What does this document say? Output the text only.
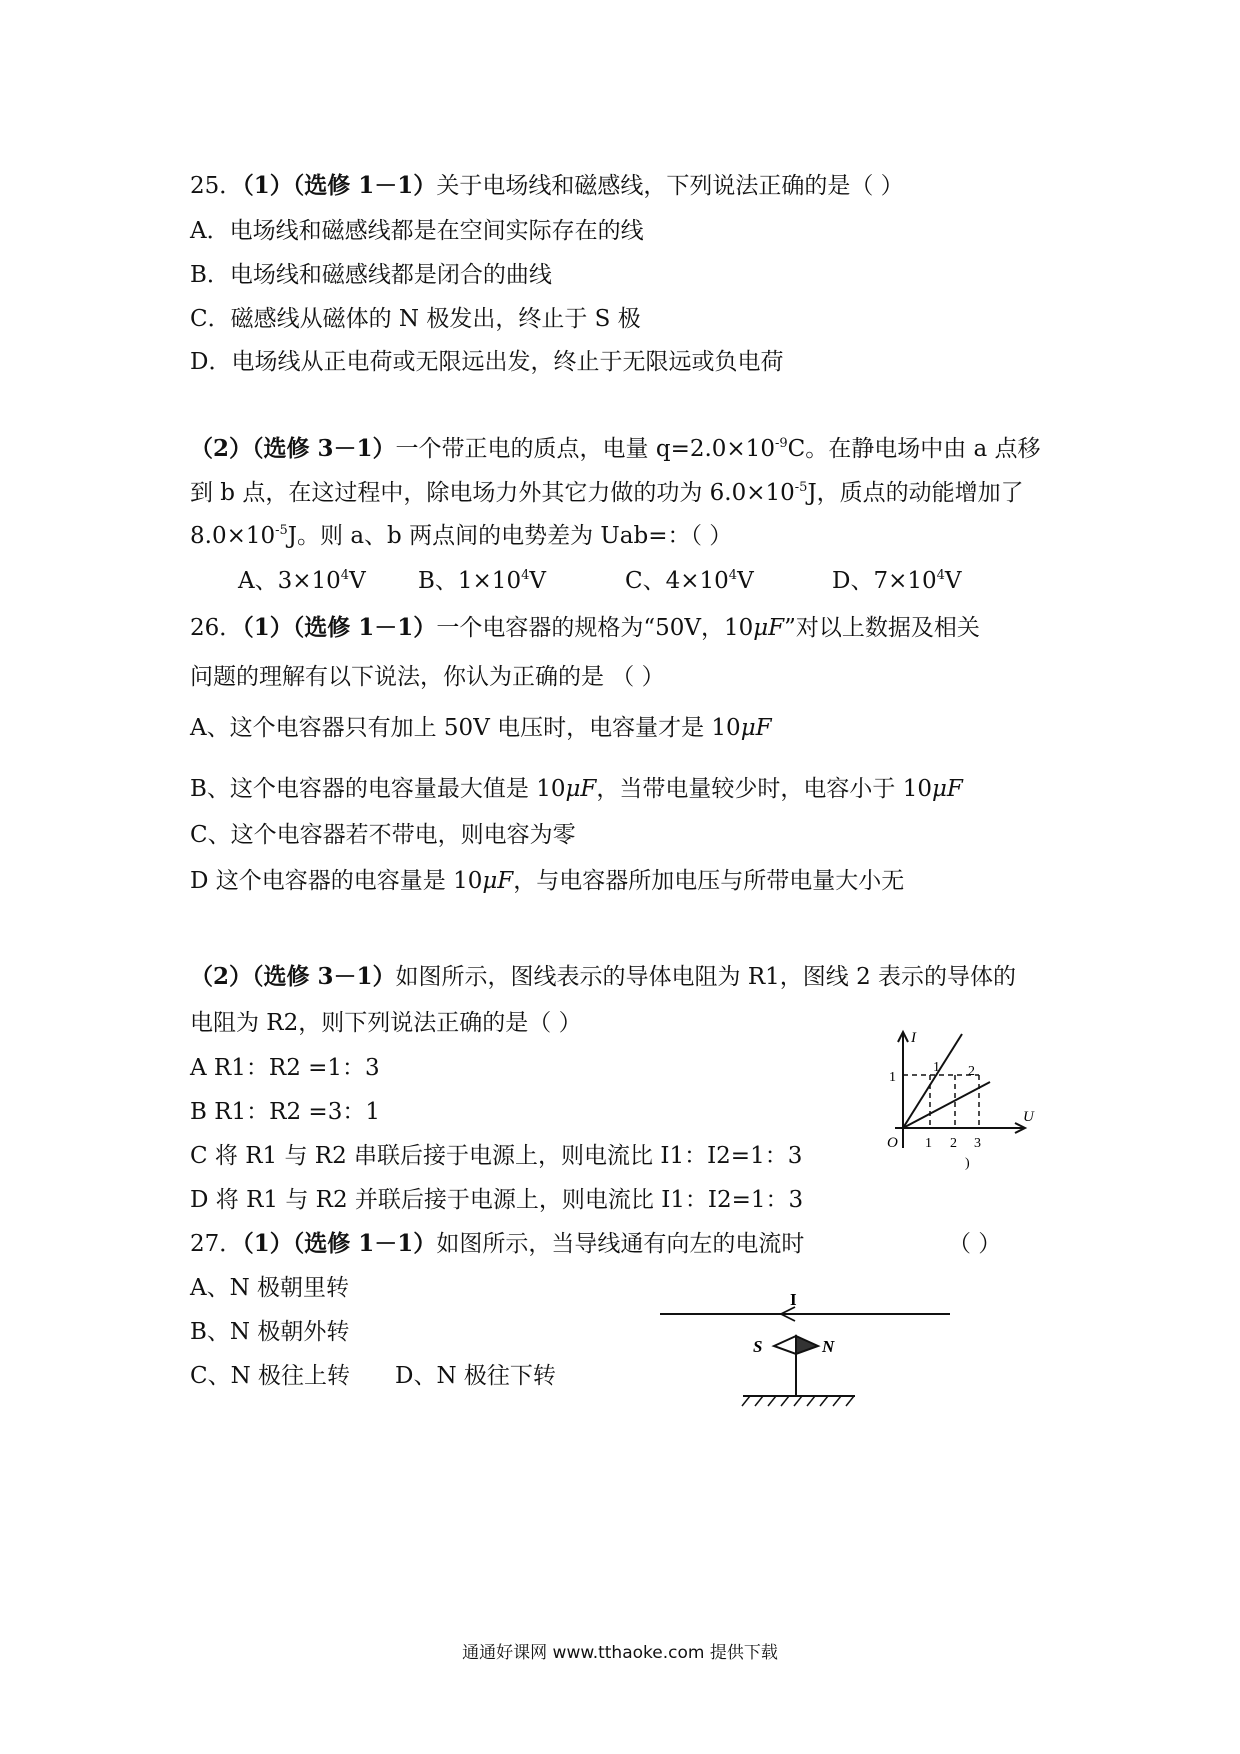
25．（1）（选修 1－1）关于电场线和磁感线，下列说法正确的是（ ）
A．电场线和磁感线都是在空间实际存在的线
B．电场线和磁感线都是闭合的曲线
C．磁感线从磁体的 N 极发出，终止于 S 极
D．电场线从正电荷或无限远出发，终止于无限远或负电荷
（2）（选修 3－1）一个带正电的质点，电量 $q=2.0\times 10^{-9}C$。在静电场中由 a 点移
到 b 点，在这过程中，除电场力外其它力做的功为 $6.0\times 10^{-5}J$，质点的动能增加了
$8.0\times 10^{-5}J$。则 a、b 两点间的电势差为 Uab=：（ ）
A、$3\times 10^4V$ B、$1\times 10^4V$	C、$4\times 10^4V$	D、$7\times 10^4V$
26．（1）（选修 1－1）一个电容器的规格为“50V，10μF”对以上数据及相关
问题的理解有以下说法，你认为正确的是 （ ）
A、这个电容器只有加上 50V 电压时，电容量才是 10μF
B、这个电容器的电容量最大值是 10μF，当带电量较少时，电容小于 10μF
C、这个电容器若不带电，则电容为零
D 这个电容器的电容量是 10μF，与电容器所加电压与所带电量大小无
（2）（选修 3－1）如图所示，图线表示的导体电阻为 R1，图线 2 表示的导体的
电阻为 R2，则下列说法正确的是（ ）
A R1：R2 =1：3
B R1：R2 =3：1
C 将 R1 与 R2 串联后接于电源上，则电流比 I1：I2=1：3
D 将 R1 与 R2 并联后接于电源上，则电流比 I1：I2=1：3
I
U
O
1 2
1
1 2 3
)
27．（1）（选修 1－1）如图所示，当导线通有向左的电流时	（ ）
A、N 极朝里转
B、N 极朝外转
C、N 极往上转 D、N 极往下转
I
S	N
通通好课网 www.tthaoke.com 提供下载
